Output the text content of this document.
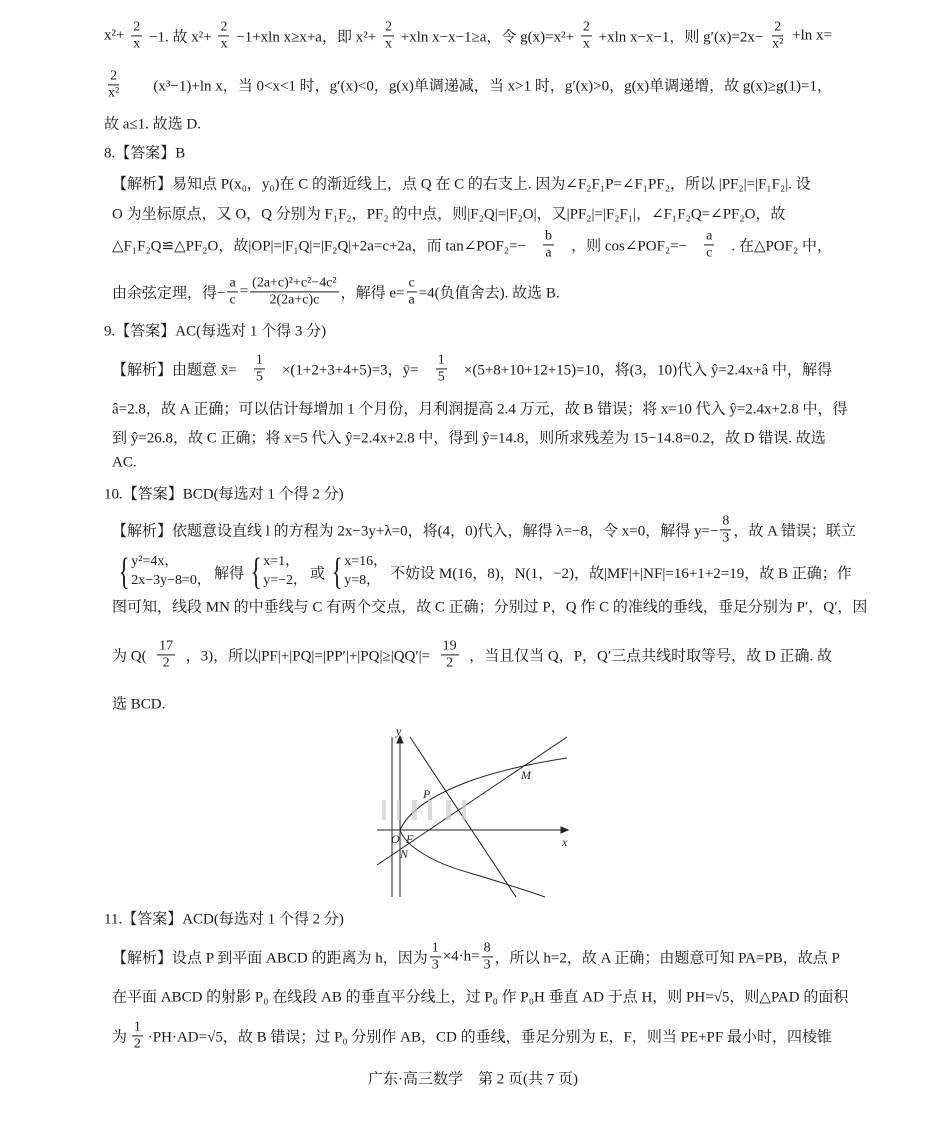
$x^2+ \frac{2}{x} -1$. 故 $x^2+ \frac{2}{x} -1+xln$ x≥x+a，即 $x^2+ \frac{2}{x} +xln$ x−x−1≥a，令 $g(x)=x^2+ \frac{2}{x} +xln$ x−x−1，则 $g'(x)=2x- \frac{2}{\text{x²}} +\ln$ x=
$\frac{2}{\text{x²}} (x^3-1)+\ln$ x，当 0<x<1 时，g′(x)<0，g(x)单调递减，当 x>1 时，g′(x)>0，g(x)单调递增，故 g(x)≥g(1)=1，
故 a≤1. 故选 D.
8.【答案】B
【解析】易知点 P(x₀，y₀)在 C 的渐近线上，点 Q 在 C 的右支上. 因为∠F₂F₁P=∠F₁PF₂，所以 |PF₂|=|F₁F₂|. 设
O 为坐标原点，又 O，Q 分别为 F₁F₂，PF₂ 的中点，则|F₂Q|=|F₂O|，又|PF₂|=|F₂F₁|，∠F₁F₂Q=∠PF₂O，故
△F₁F₂Q≌△PF₂O，故|OP|=|F₁Q|=|F₂Q|+2a=c+2a，而 tan∠POF₂=− $\frac{b}{a}$ ，则 cos∠POF₂=− $\frac{a}{c}$ . 在△POF₂ 中，
由余弦定理，得− $\frac{a}{c} = \frac{\text{(2a+c)²+c²−4c²}}{2(2a+c)c}$ ，解得 $e= \frac{c}{a} =4$(负值舍去). 故选 B.
9.【答案】AC(每选对 1 个得 3 分)
【解析】由题意 x̄= $\frac{1}{5} \times(1+2+3+4+5)=3$，ȳ= $\frac{1}{5} \times(5+8+10+12+15)=10$，将(3，10)代入 ŷ=2.4x+â 中，解得
â=2.8，故 A 正确；可以估计每增加 1 个月份，月利润提高 2.4 万元，故 B 错误；将 x=10 代入 ŷ=2.4x+2.8 中，得
到 ŷ=26.8，故 C 正确；将 x=5 代入 ŷ=2.4x+2.8 中，得到 ŷ=14.8，则所求残差为 15−14.8=0.2，故 D 错误. 故选
AC.
10.【答案】BCD(每选对 1 个得 2 分)
【解析】依题意设直线 l 的方程为 2x−3y+λ=0，将(4，0)代入，解得 λ=−8，令 x=0，解得 $y=- \frac{8}{3}$ ，故 A 错误；联立
{ y²=4x，
2x−3y−8=0， 解得 { x=1，
y=−2， 或 { x=16，
y=8， 不妨设 M(16，8)，N(1，−2)，故|MF|+|NF|=16+1+2=19，故 B 正确；作
图可知，线段 MN 的中垂线与 C 有两个交点，故 C 正确；分别过 P，Q 作 C 的准线的垂线，垂足分别为 P′，Q′，因
为 $Q( \frac{17}{2}$ ，3)，所以$|PF|+|PQ|=|PP'|+|PQ|\ge|QQ'|= \frac{19}{2}$ ，当且仅当 Q，P，Q′三点共线时取等号，故 D 正确. 故
选 BCD.
11.【答案】ACD(每选对 1 个得 2 分)
【解析】设点 P 到平面 ABCD 的距离为 h，因为 $\frac{1}{3} \times 4\cdot h= \frac{8}{3}$ ，所以 h=2，故 A 正确；由题意可知 PA=PB，故点 P
在平面 ABCD 的射影 P₀ 在线段 AB 的垂直平分线上，过 P₀ 作 P₀H 垂直 AD 于点 H，则 PH=√5，则△PAD 的面积
为 $\frac{1}{2} \cdot PH\cdot AD=√5$，故 B 错误；过 P₀ 分别作 AB，CD 的垂线，垂足分别为 E，F，则当 PE+PF 最小时，四棱锥
y
x
O F
N
P
M
广东·高三数学　第 2 页(共 7 页)
